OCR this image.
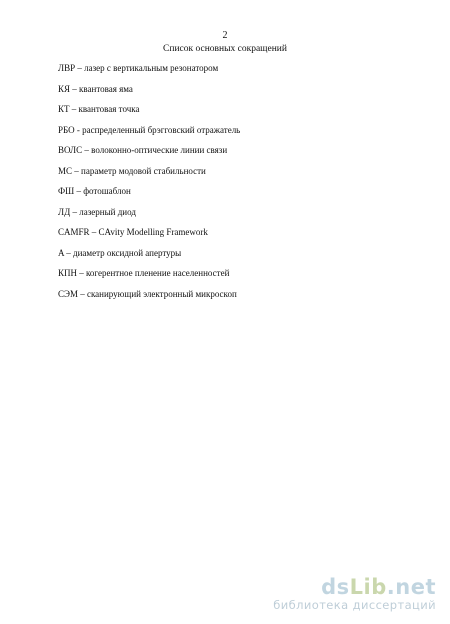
2
Список основных сокращений
ЛВР – лазер с вертикальным резонатором
КЯ – квантовая яма
КТ – квантовая точка
РБО - распределенный брэгговский отражатель
ВОЛС – волоконно-оптические линии связи
МС – параметр модовой стабильности
ФШ – фотошаблон
ЛД – лазерный диод
CAMFR – CAvity Modelling Framework
A – диаметр оксидной апертуры
КПН – когерентное пленение населенностей
СЭМ – сканирующий электронный микроскоп
dsLib.net
библиотека диссертаций
